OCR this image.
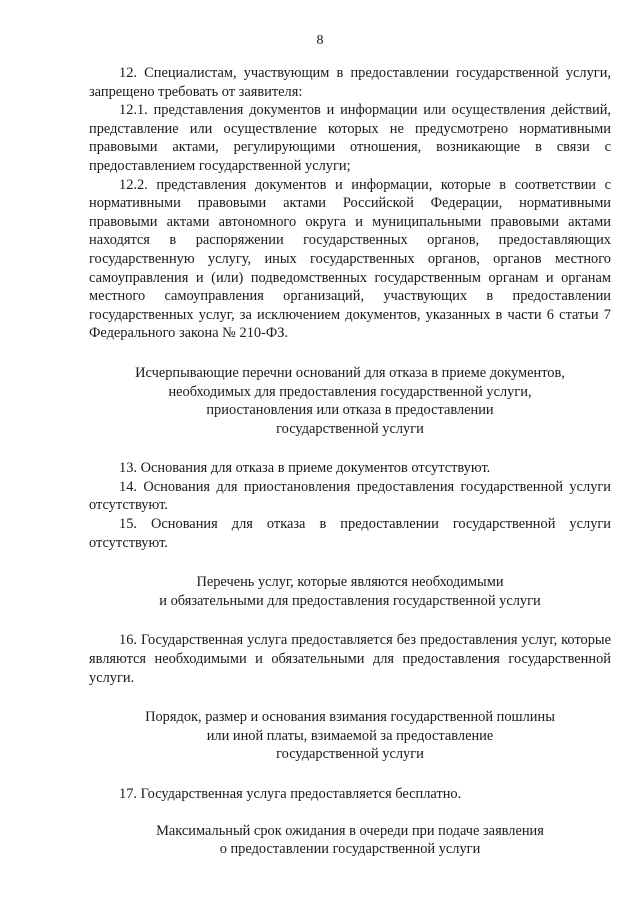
8

12. Специалистам, участвующим в предоставлении государственной услуги, запрещено требовать от заявителя:

12.1. представления документов и информации или осуществления действий, представление или осуществление которых не предусмотрено нормативными правовыми актами, регулирующими отношения, возникающие в связи с предоставлением государственной услуги;

12.2. представления документов и информации, которые в соответствии с нормативными правовыми актами Российской Федерации, нормативными правовыми актами автономного округа и муниципальными правовыми актами находятся в распоряжении государственных органов, предоставляющих государственную услугу, иных государственных органов, органов местного самоуправления и (или) подведомственных государственным органам и органам местного самоуправления организаций, участвующих в предоставлении государственных услуг, за исключением документов, указанных в части 6 статьи 7 Федерального закона № 210-ФЗ.

Исчерпывающие перечни оснований для отказа в приеме документов,
необходимых для предоставления государственной услуги,
приостановления или отказа в предоставлении
государственной услуги

13. Основания для отказа в приеме документов отсутствуют.

14. Основания для приостановления предоставления государственной услуги отсутствуют.

15. Основания для отказа в предоставлении государственной услуги отсутствуют.

Перечень услуг, которые являются необходимыми
и обязательными для предоставления государственной услуги

16. Государственная услуга предоставляется без предоставления услуг, которые являются необходимыми и обязательными для предоставления государственной услуги.

Порядок, размер и основания взимания государственной пошлины
или иной платы, взимаемой за предоставление
государственной услуги

17. Государственная услуга предоставляется бесплатно.

Максимальный срок ожидания в очереди при подаче заявления
о предоставлении государственной услуги
